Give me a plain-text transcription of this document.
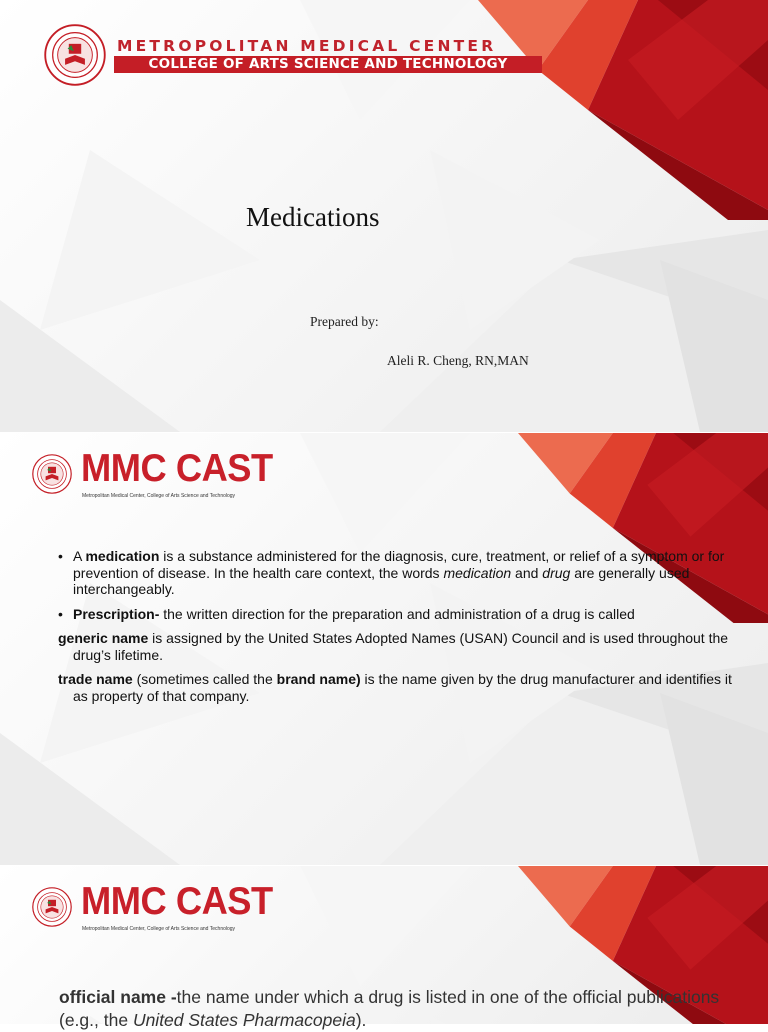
METROPOLITAN MEDICAL CENTER
COLLEGE OF ARTS SCIENCE AND TECHNOLOGY
Medications
Prepared by:
Aleli R. Cheng, RN,MAN
MMC CAST
Metropolitan Medical Center, College of Arts Science and Technology
• A medication is a substance administered for the diagnosis, cure, treatment, or relief of a symptom or for prevention of disease. In the health care context, the words medication and drug are generally used interchangeably.
• Prescription- the written direction for the preparation and administration of a drug is called
generic name is assigned by the United States Adopted Names (USAN) Council and is used throughout the drug’s lifetime.
trade name (sometimes called the brand name) is the name given by the drug manufacturer and identifies it as property of that company.
MMC CAST
Metropolitan Medical Center, College of Arts Science and Technology
official name -the name under which a drug is listed in one of the official publications (e.g., the United States Pharmacopeia).
